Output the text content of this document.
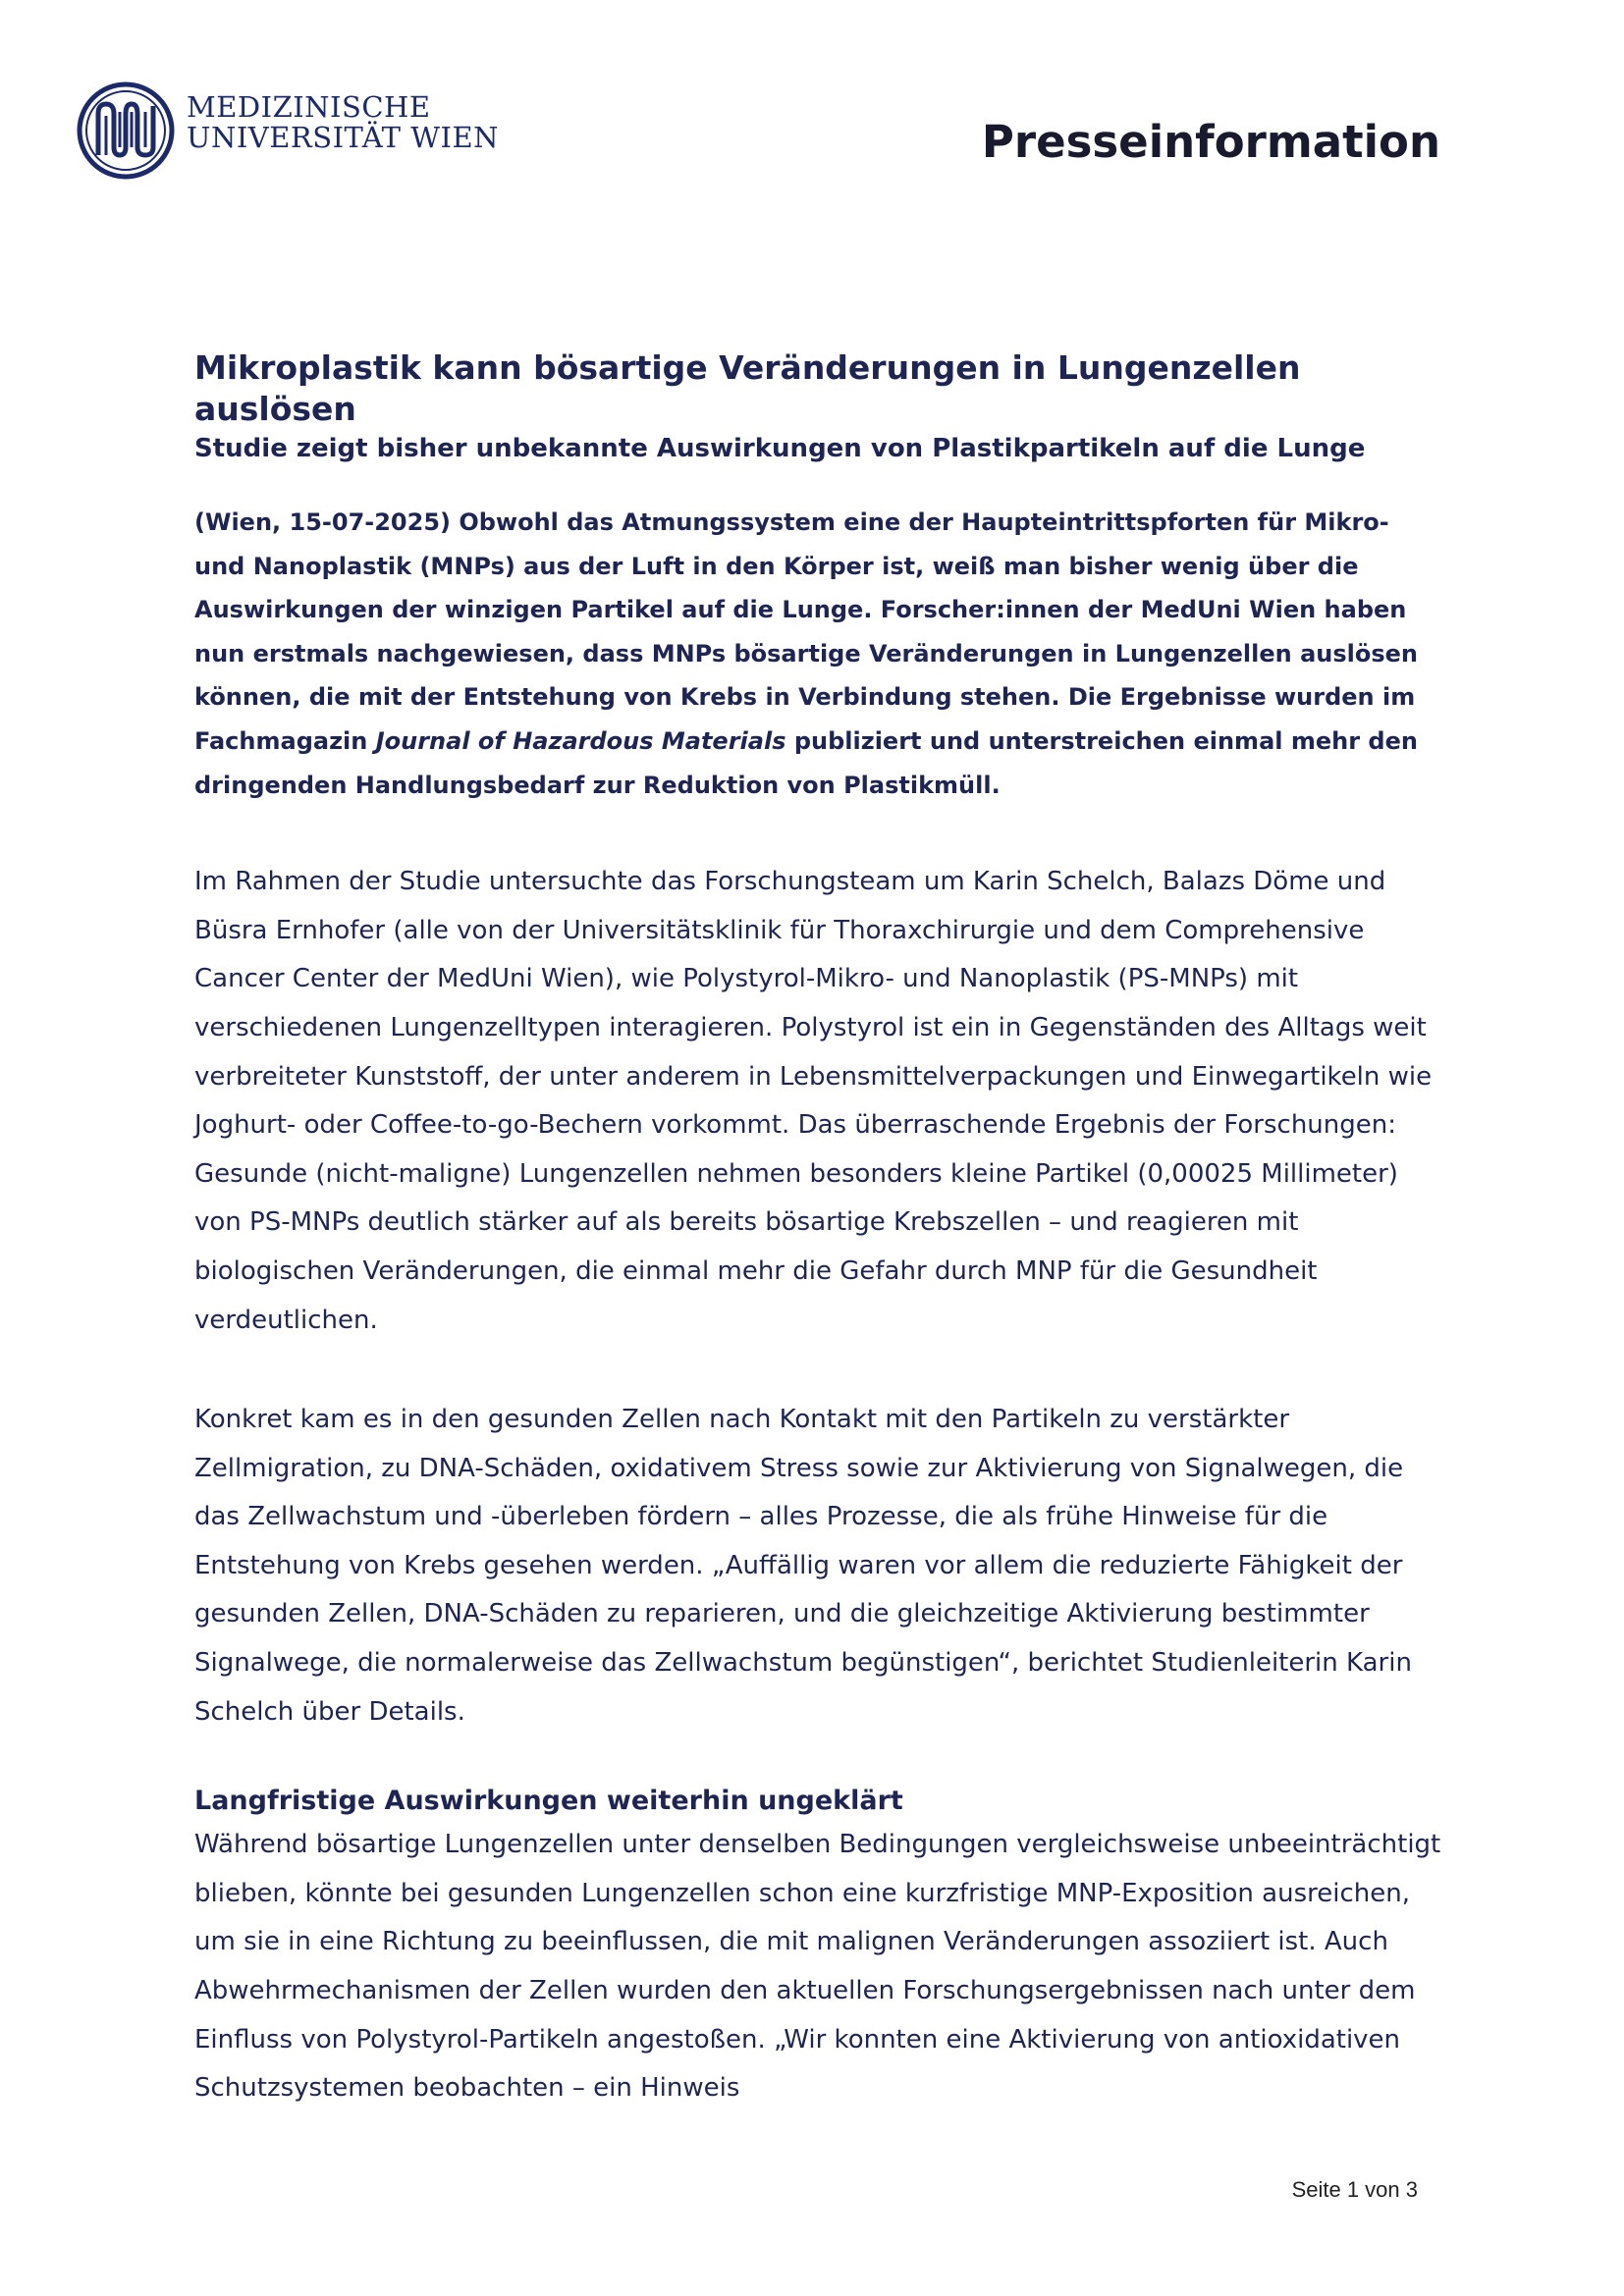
MEDIZINISCHE
UNIVERSITÄT WIEN	Presseinformation
Mikroplastik kann bösartige Veränderungen in Lungenzellen auslösen
Studie zeigt bisher unbekannte Auswirkungen von Plastikpartikeln auf die Lunge
(Wien, 15-07-2025) Obwohl das Atmungssystem eine der Haupteintrittspforten für Mikro- und Nanoplastik (MNPs) aus der Luft in den Körper ist, weiß man bisher wenig über die Auswirkungen der winzigen Partikel auf die Lunge. Forscher:innen der MedUni Wien haben nun erstmals nachgewiesen, dass MNPs bösartige Veränderungen in Lungenzellen auslösen können, die mit der Entstehung von Krebs in Verbindung stehen. Die Ergebnisse wurden im Fachmagazin Journal of Hazardous Materials publiziert und unterstreichen einmal mehr den dringenden Handlungsbedarf zur Reduktion von Plastikmüll.

Im Rahmen der Studie untersuchte das Forschungsteam um Karin Schelch, Balazs Döme und Büsra Ernhofer (alle von der Universitätsklinik für Thoraxchirurgie und dem Comprehensive Cancer Center der MedUni Wien), wie Polystyrol-Mikro- und Nanoplastik (PS-MNPs) mit verschiedenen Lungenzelltypen interagieren. Polystyrol ist ein in Gegenständen des Alltags weit verbreiteter Kunststoff, der unter anderem in Lebensmittelverpackungen und Einwegartikeln wie Joghurt- oder Coffee-to-go-Bechern vorkommt. Das überraschende Ergebnis der Forschungen: Gesunde (nicht-maligne) Lungenzellen nehmen besonders kleine Partikel (0,00025 Millimeter) von PS-MNPs deutlich stärker auf als bereits bösartige Krebszellen – und reagieren mit biologischen Veränderungen, die einmal mehr die Gefahr durch MNP für die Gesundheit verdeutlichen.

Konkret kam es in den gesunden Zellen nach Kontakt mit den Partikeln zu verstärkter Zellmigration, zu DNA-Schäden, oxidativem Stress sowie zur Aktivierung von Signalwegen, die das Zellwachstum und -überleben fördern – alles Prozesse, die als frühe Hinweise für die Entstehung von Krebs gesehen werden. „Auffällig waren vor allem die reduzierte Fähigkeit der gesunden Zellen, DNA-Schäden zu reparieren, und die gleichzeitige Aktivierung bestimmter Signalwege, die normalerweise das Zellwachstum begünstigen“, berichtet Studienleiterin Karin Schelch über Details.

Langfristige Auswirkungen weiterhin ungeklärt

Während bösartige Lungenzellen unter denselben Bedingungen vergleichsweise unbeeinträchtigt blieben, könnte bei gesunden Lungenzellen schon eine kurzfristige MNP-Exposition ausreichen, um sie in eine Richtung zu beeinflussen, die mit malignen Veränderungen assoziiert ist. Auch Abwehrmechanismen der Zellen wurden den aktuellen Forschungsergebnissen nach unter dem Einfluss von Polystyrol-Partikeln angestoßen. „Wir konnten eine Aktivierung von antioxidativen Schutzsystemen beobachten – ein Hinweis

Seite 1 von 3
